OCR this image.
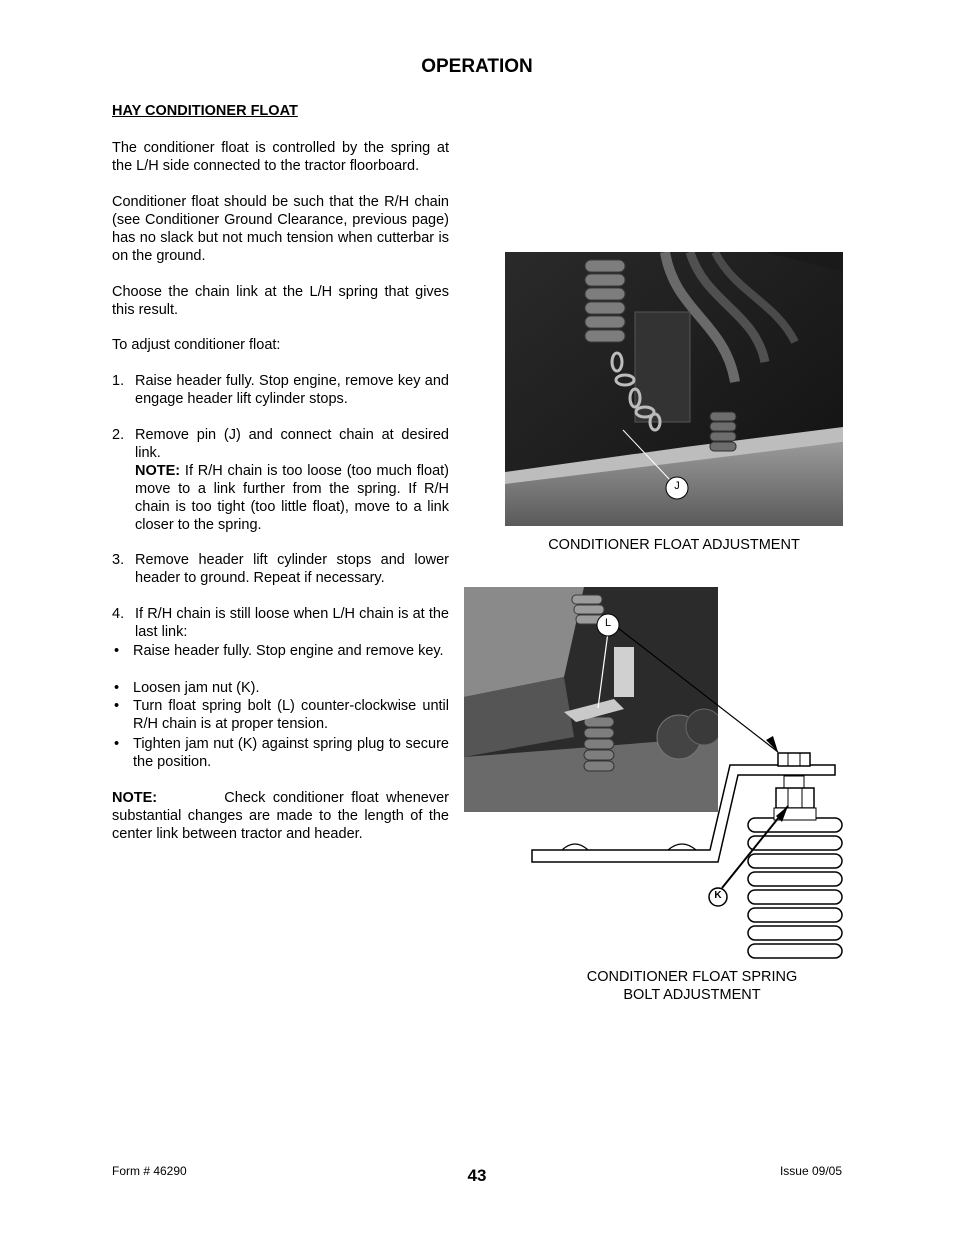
OPERATION
HAY CONDITIONER FLOAT
The conditioner float is controlled by the spring at the L/H side connected to the tractor floorboard.
Conditioner float should be such that the R/H chain (see Conditioner Ground Clearance, previous page) has no slack but not much tension when cutterbar is on the ground.
Choose the chain link at the L/H spring that gives this result.
To adjust conditioner float:
1. Raise header fully. Stop engine, remove key and engage header lift cylinder stops.
2. Remove pin (J) and connect chain at desired link.
NOTE: If R/H chain is too loose (too much float) move to a link further from the spring. If R/H chain is too tight (too little float), move to a link closer to the spring.
3. Remove header lift cylinder stops and lower header to ground. Repeat if necessary.
4. If R/H chain is still loose when L/H chain is at the last link:
• Raise header fully. Stop engine and remove key.
• Loosen jam nut (K).
• Turn float spring bolt (L) counter-clockwise until R/H chain is at proper tension.
• Tighten jam nut (K) against spring plug to secure the position.
NOTE:	Check conditioner float whenever substantial changes are made to the length of the center link between tractor and header.
J
CONDITIONER FLOAT ADJUSTMENT
L
K
CONDITIONER FLOAT SPRING
BOLT ADJUSTMENT
Form # 46290	43	Issue 09/05
